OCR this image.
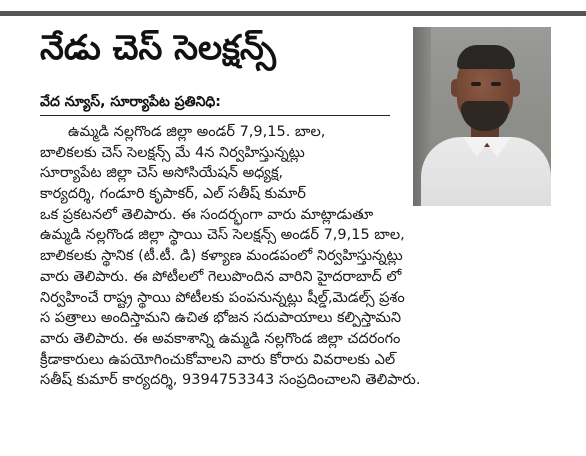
నేడు చెస్ సెలక్షన్స్
వేద న్యూస్, సూర్యాపేట ప్రతినిధి:
ఉమ్మడి నల్లగొండ జిల్లా అండర్ 7,9,15. బాల,
బాలికలకు చెస్ సెలక్షన్స్ మే 4న నిర్వహిస్తున్నట్లు
సూర్యాపేట జిల్లా చెస్ అసోసియేషన్ అధ్యక్ష,
కార్యదర్శి, గండూరి కృపాకర్, ఎల్ సతీష్ కుమార్
ఒక ప్రకటనలో తెలిపారు. ఈ సందర్భంగా వారు మాట్లాడుతూ
ఉమ్మడి నల్లగొండ జిల్లా స్థాయి చెస్ సెలక్షన్స్ అండర్ 7,9,15 బాల,
బాలికలకు స్థానిక (టీ.టీ. డి) కళ్యాణ మండపంలో నిర్వహిస్తున్నట్లు
వారు తెలిపారు. ఈ పోటీలలో గెలుపొందిన వారిని హైదరాబాద్ లో
నిర్వహించే రాష్ట్ర స్థాయి పోటీలకు పంపనున్నట్లు షీల్డ్,మెడల్స్ ప్రశం
స పత్రాలు అందిస్తామని ఉచిత భోజన సదుపాయాలు కల్పిస్తామని
వారు తెలిపారు. ఈ అవకాశాన్ని ఉమ్మడి నల్లగొండ జిల్లా చదరంగం
క్రీడాకారులు ఉపయోగించుకోవాలని వారు కోరారు వివరాలకు ఎల్
సతీష్ కుమార్ కార్యదర్శి, 9394753343 సంప్రదించాలని తెలిపారు.
